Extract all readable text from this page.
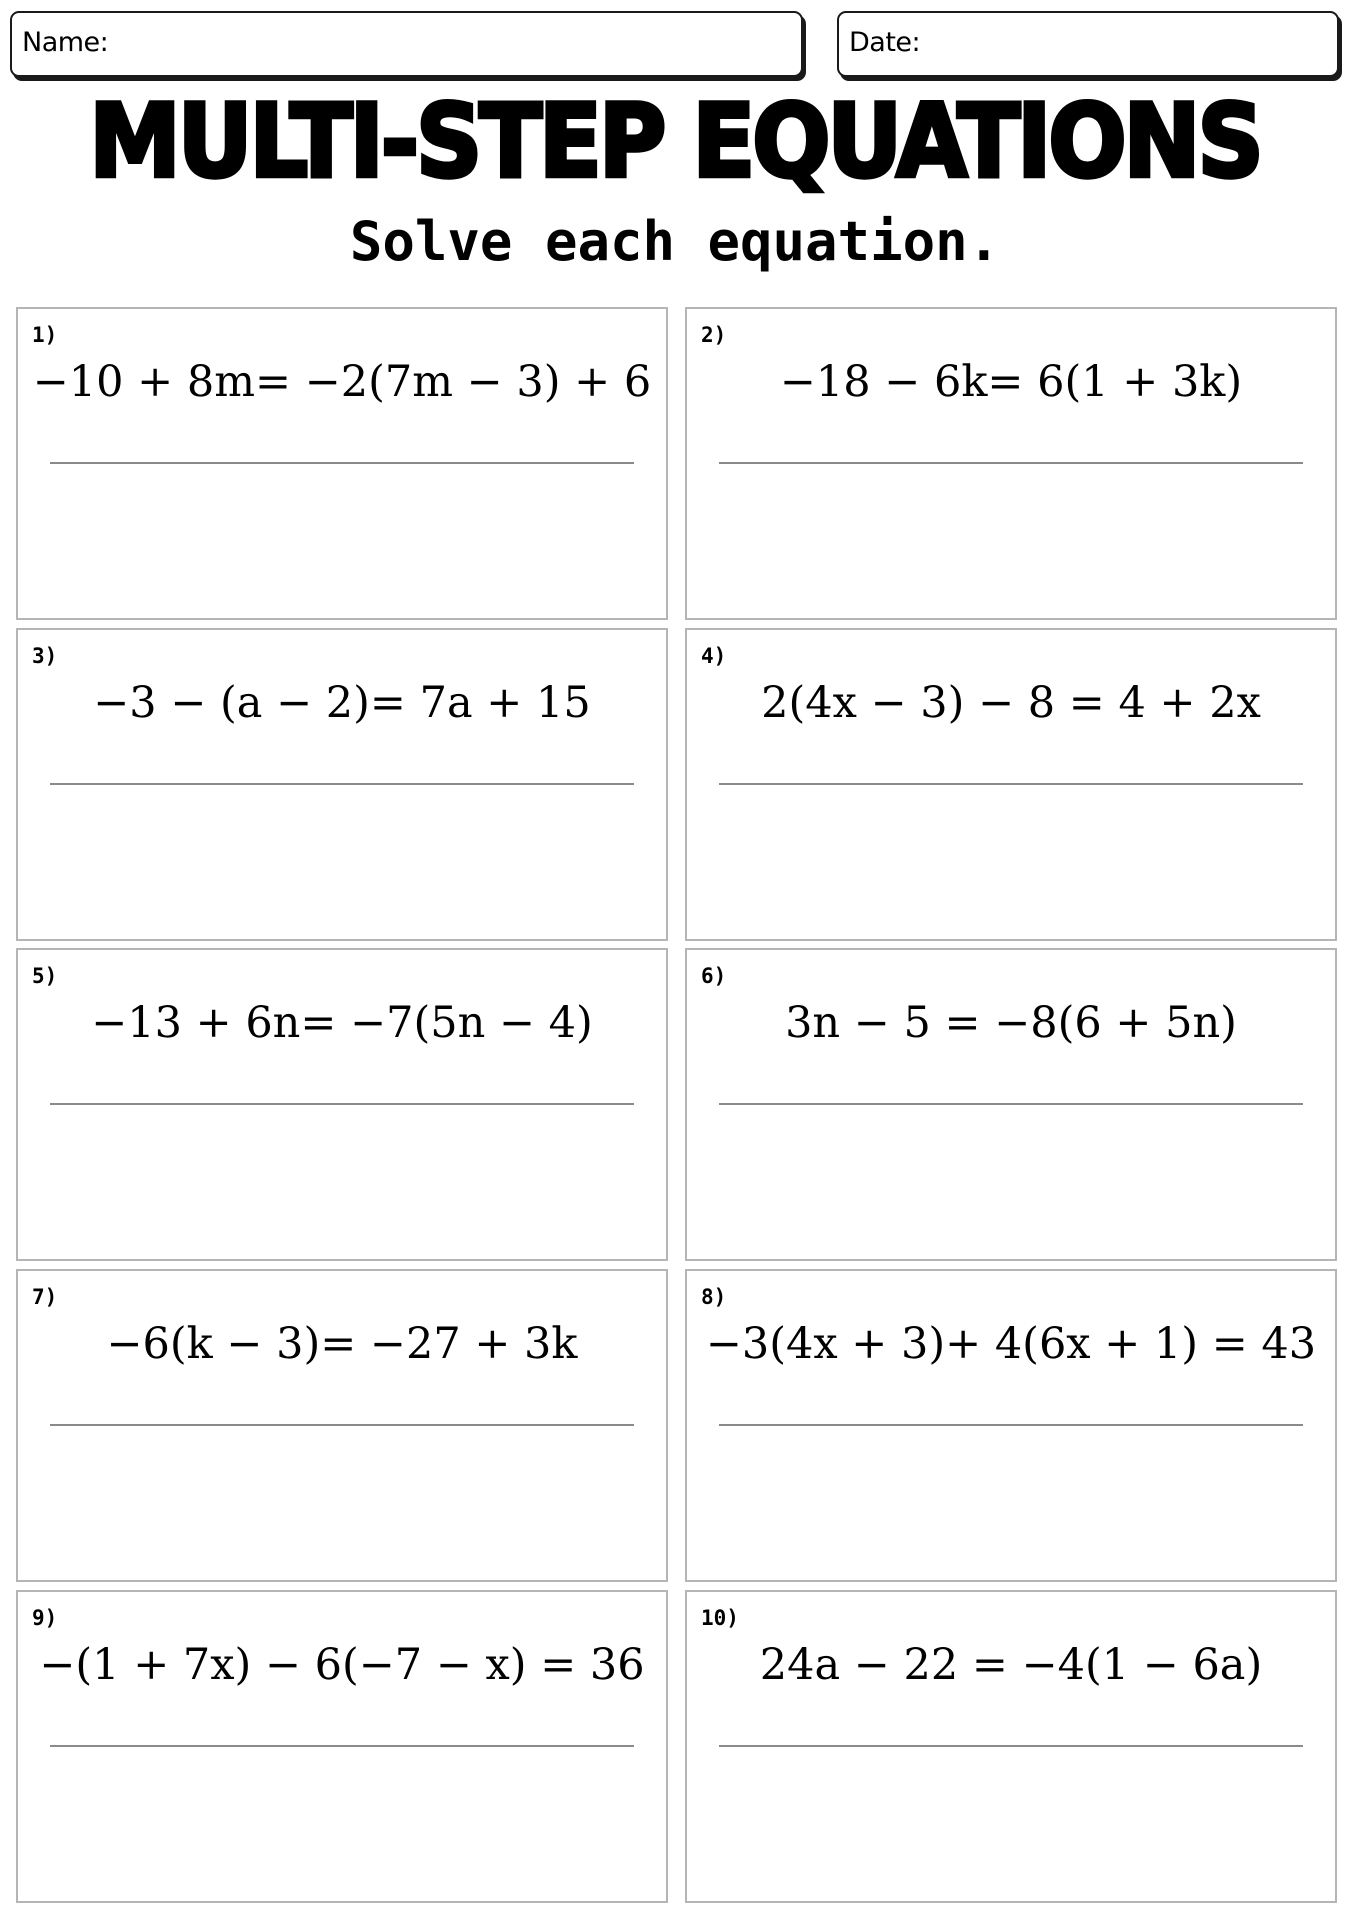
Name:	Date:
MULTI-STEP EQUATIONS
Solve each equation.
1)
−10 + 8m= −2(7m − 3) + 6
2)
−18 − 6k= 6(1 + 3k)
3)
−3 − (a − 2)= 7a + 15
4)
2(4x − 3) − 8 = 4 + 2x
5)
−13 + 6n= −7(5n − 4)
6)
3n − 5 = −8(6 + 5n)
7)
−6(k − 3)= −27 + 3k
8)
−3(4x + 3)+ 4(6x + 1) = 43
9)
−(1 + 7x) − 6(−7 − x) = 36
10)
24a − 22 = −4(1 − 6a)
